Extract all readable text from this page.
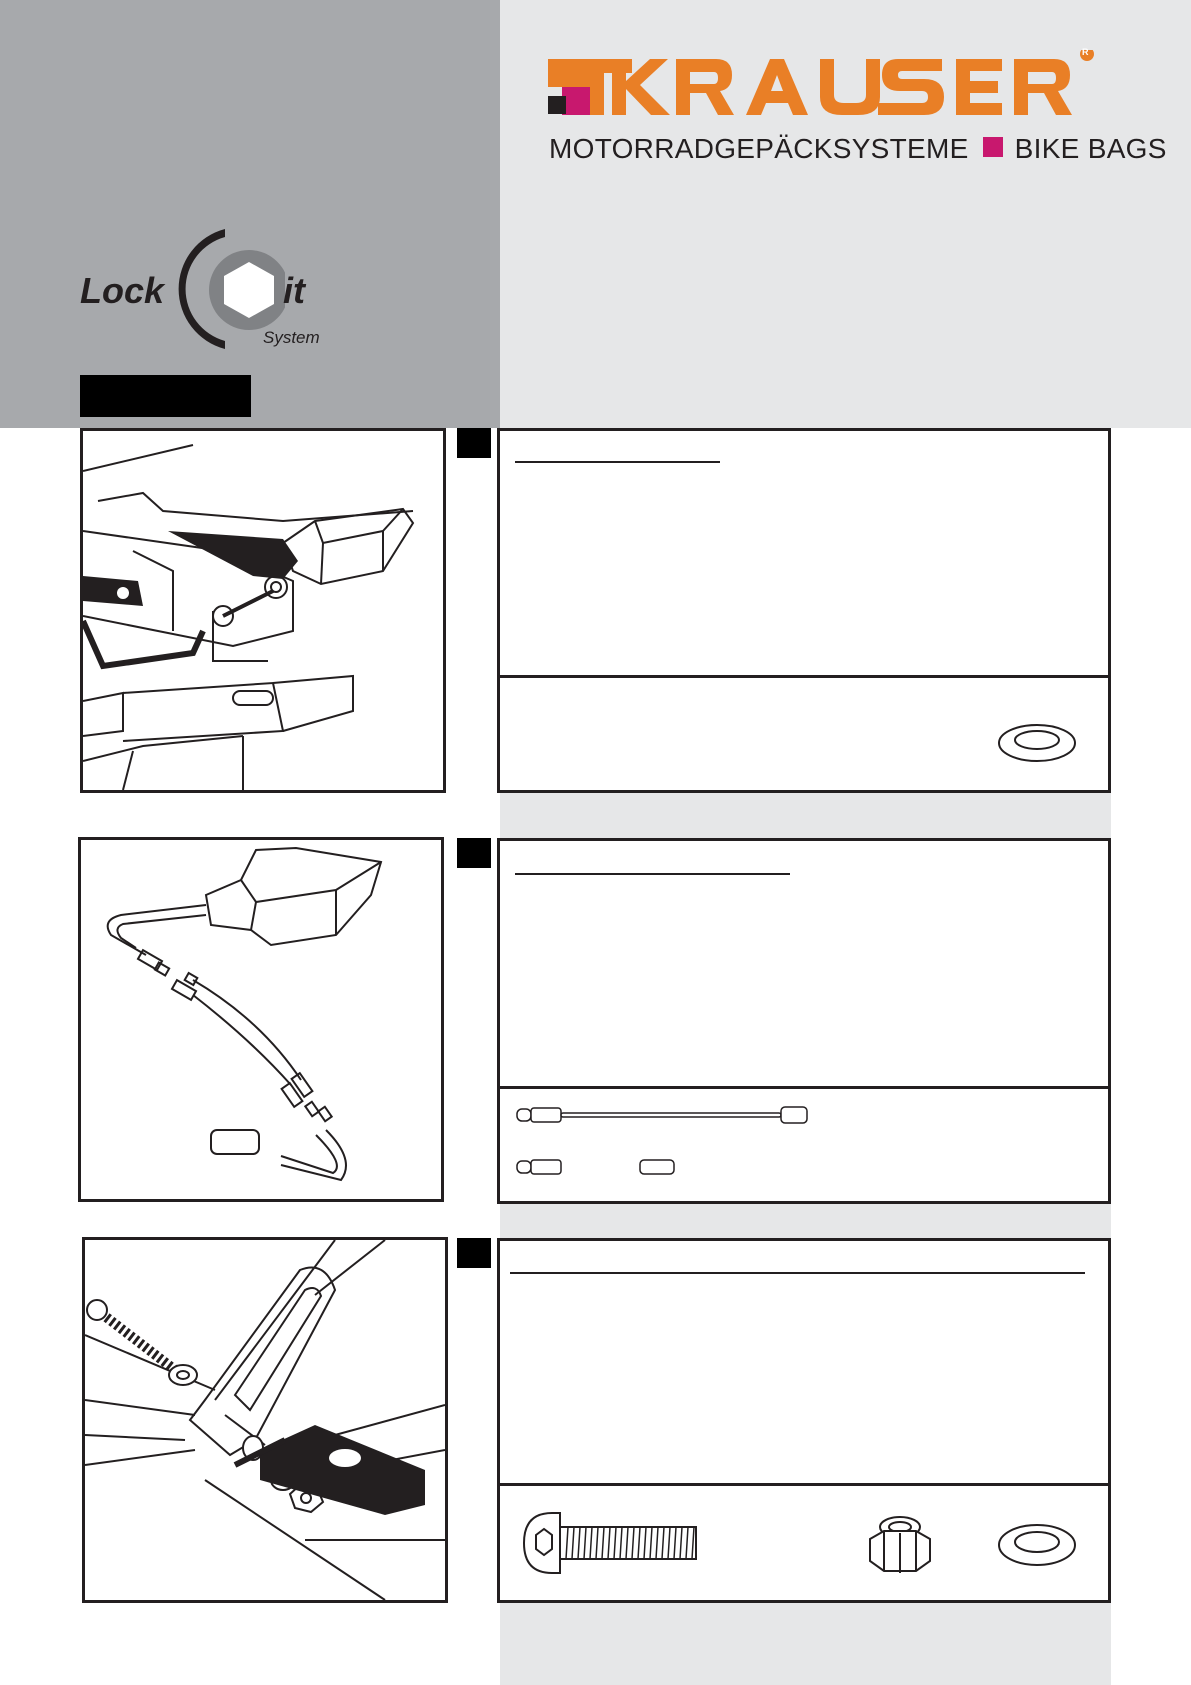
R
MOTORRADGEPÄCKSYSTEME BIKE BAGS
Lock	it
System
